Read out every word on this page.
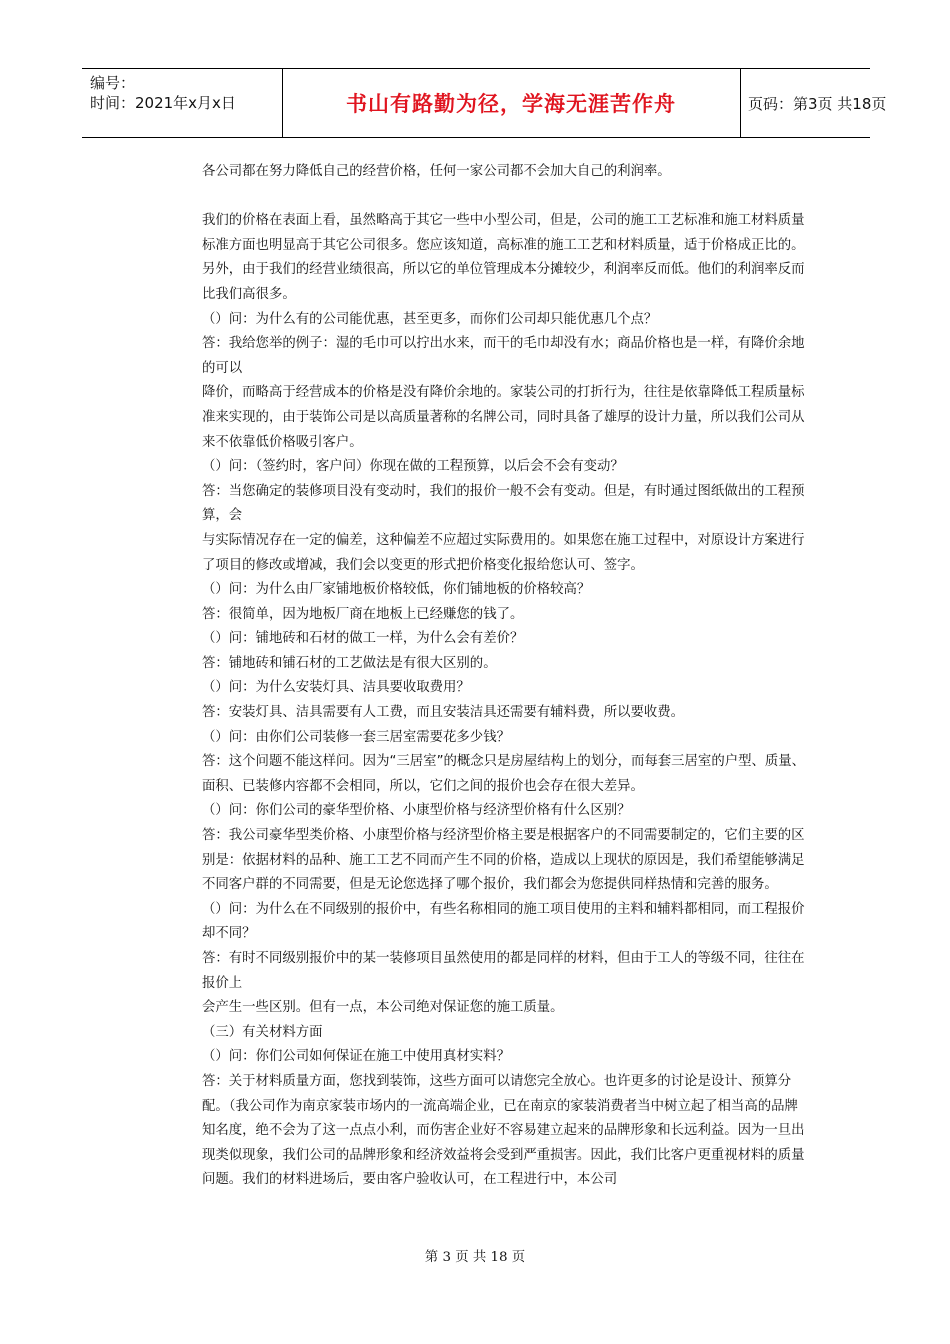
编号：
时间：2021年x月x日	书山有路勤为径，学海无涯苦作舟	页码：第3页 共18页

各公司都在努力降低自己的经营价格，任何一家公司都不会加大自己的利润率。

我们的价格在表面上看，虽然略高于其它一些中小型公司，但是，公司的施工工艺标准和施工材料质量标准方面也明显高于其它公司很多。您应该知道，高标准的施工工艺和材料质量，适于价格成正比的。另外，由于我们的经营业绩很高，所以它的单位管理成本分摊较少，利润率反而低。他们的利润率反而比我们高很多。

（）问：为什么有的公司能优惠，甚至更多，而你们公司却只能优惠几个点？

答：我给您举的例子：湿的毛巾可以拧出水来，而干的毛巾却没有水；商品价格也是一样，有降价余地的可以

降价，而略高于经营成本的价格是没有降价余地的。家装公司的打折行为，往往是依靠降低工程质量标准来实现的，由于装饰公司是以高质量著称的名牌公司，同时具备了雄厚的设计力量，所以我们公司从来不依靠低价格吸引客户。

（）问：（签约时，客户问）你现在做的工程预算，以后会不会有变动？

答：当您确定的装修项目没有变动时，我们的报价一般不会有变动。但是，有时通过图纸做出的工程预算，会

与实际情况存在一定的偏差，这种偏差不应超过实际费用的。如果您在施工过程中，对原设计方案进行了项目的修改或增减，我们会以变更的形式把价格变化报给您认可、签字。

（）问：为什么由厂家铺地板价格较低，你们铺地板的价格较高？

答：很简单，因为地板厂商在地板上已经赚您的钱了。

（）问：铺地砖和石材的做工一样，为什么会有差价？

答：铺地砖和铺石材的工艺做法是有很大区别的。

（）问：为什么安装灯具、洁具要收取费用？

答：安装灯具、洁具需要有人工费，而且安装洁具还需要有辅料费，所以要收费。

（）问：由你们公司装修一套三居室需要花多少钱？

答：这个问题不能这样问。因为“三居室”的概念只是房屋结构上的划分，而每套三居室的户型、质量、面积、已装修内容都不会相同，所以，它们之间的报价也会存在很大差异。

（）问：你们公司的豪华型价格、小康型价格与经济型价格有什么区别？

答：我公司豪华型类价格、小康型价格与经济型价格主要是根据客户的不同需要制定的，它们主要的区别是：依据材料的品种、施工工艺不同而产生不同的价格，造成以上现状的原因是，我们希望能够满足不同客户群的不同需要，但是无论您选择了哪个报价，我们都会为您提供同样热情和完善的服务。

（）问：为什么在不同级别的报价中，有些名称相同的施工项目使用的主料和辅料都相同，而工程报价却不同？

答：有时不同级别报价中的某一装修项目虽然使用的都是同样的材料，但由于工人的等级不同，往往在报价上

会产生一些区别。但有一点，本公司绝对保证您的施工质量。

（三）有关材料方面

（）问：你们公司如何保证在施工中使用真材实料？

答：关于材料质量方面，您找到装饰，这些方面可以请您完全放心。也许更多的讨论是设计、预算分配。（我公司作为南京家装市场内的一流高端企业，已在南京的家装消费者当中树立起了相当高的品牌知名度，绝不会为了这一点点小利，而伤害企业好不容易建立起来的品牌形象和长远利益。因为一旦出现类似现象，我们公司的品牌形象和经济效益将会受到严重损害。因此，我们比客户更重视材料的质量问题。我们的材料进场后，要由客户验收认可，在工程进行中，本公司

第 3 页 共 18 页
